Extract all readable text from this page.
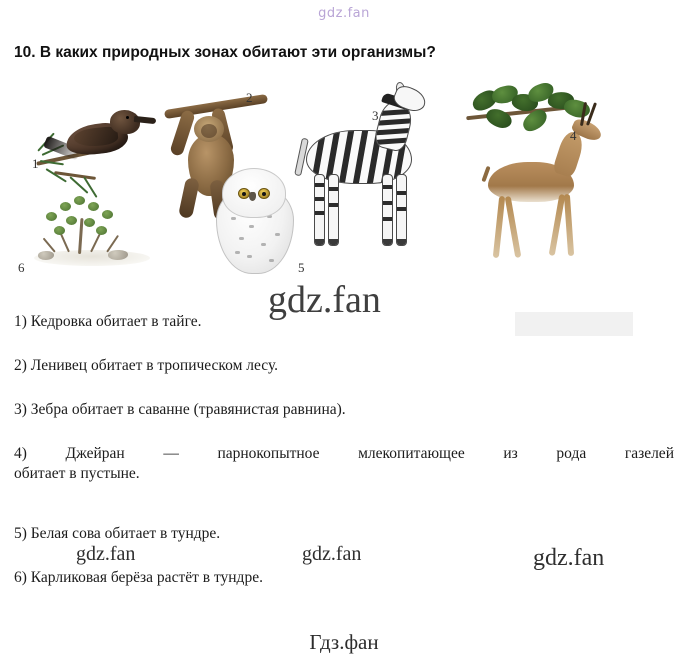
gdz.fan
10. В каких природных зонах обитают эти организмы?
1
2
3
4
5
6
1) Кедровка обитает в тайге.
2) Ленивец обитает в тропическом лесу.
3) Зебра обитает в саванне (травянистая равнина).
4) Джейран — парнокопытное млекопитающее из рода газелей
обитает в пустыне.
5) Белая сова обитает в тундре.
6) Карликовая берёза растёт в тундре.
gdz.fan
gdz.fan	gdz.fan	gdz.fan
Гдз.фан
